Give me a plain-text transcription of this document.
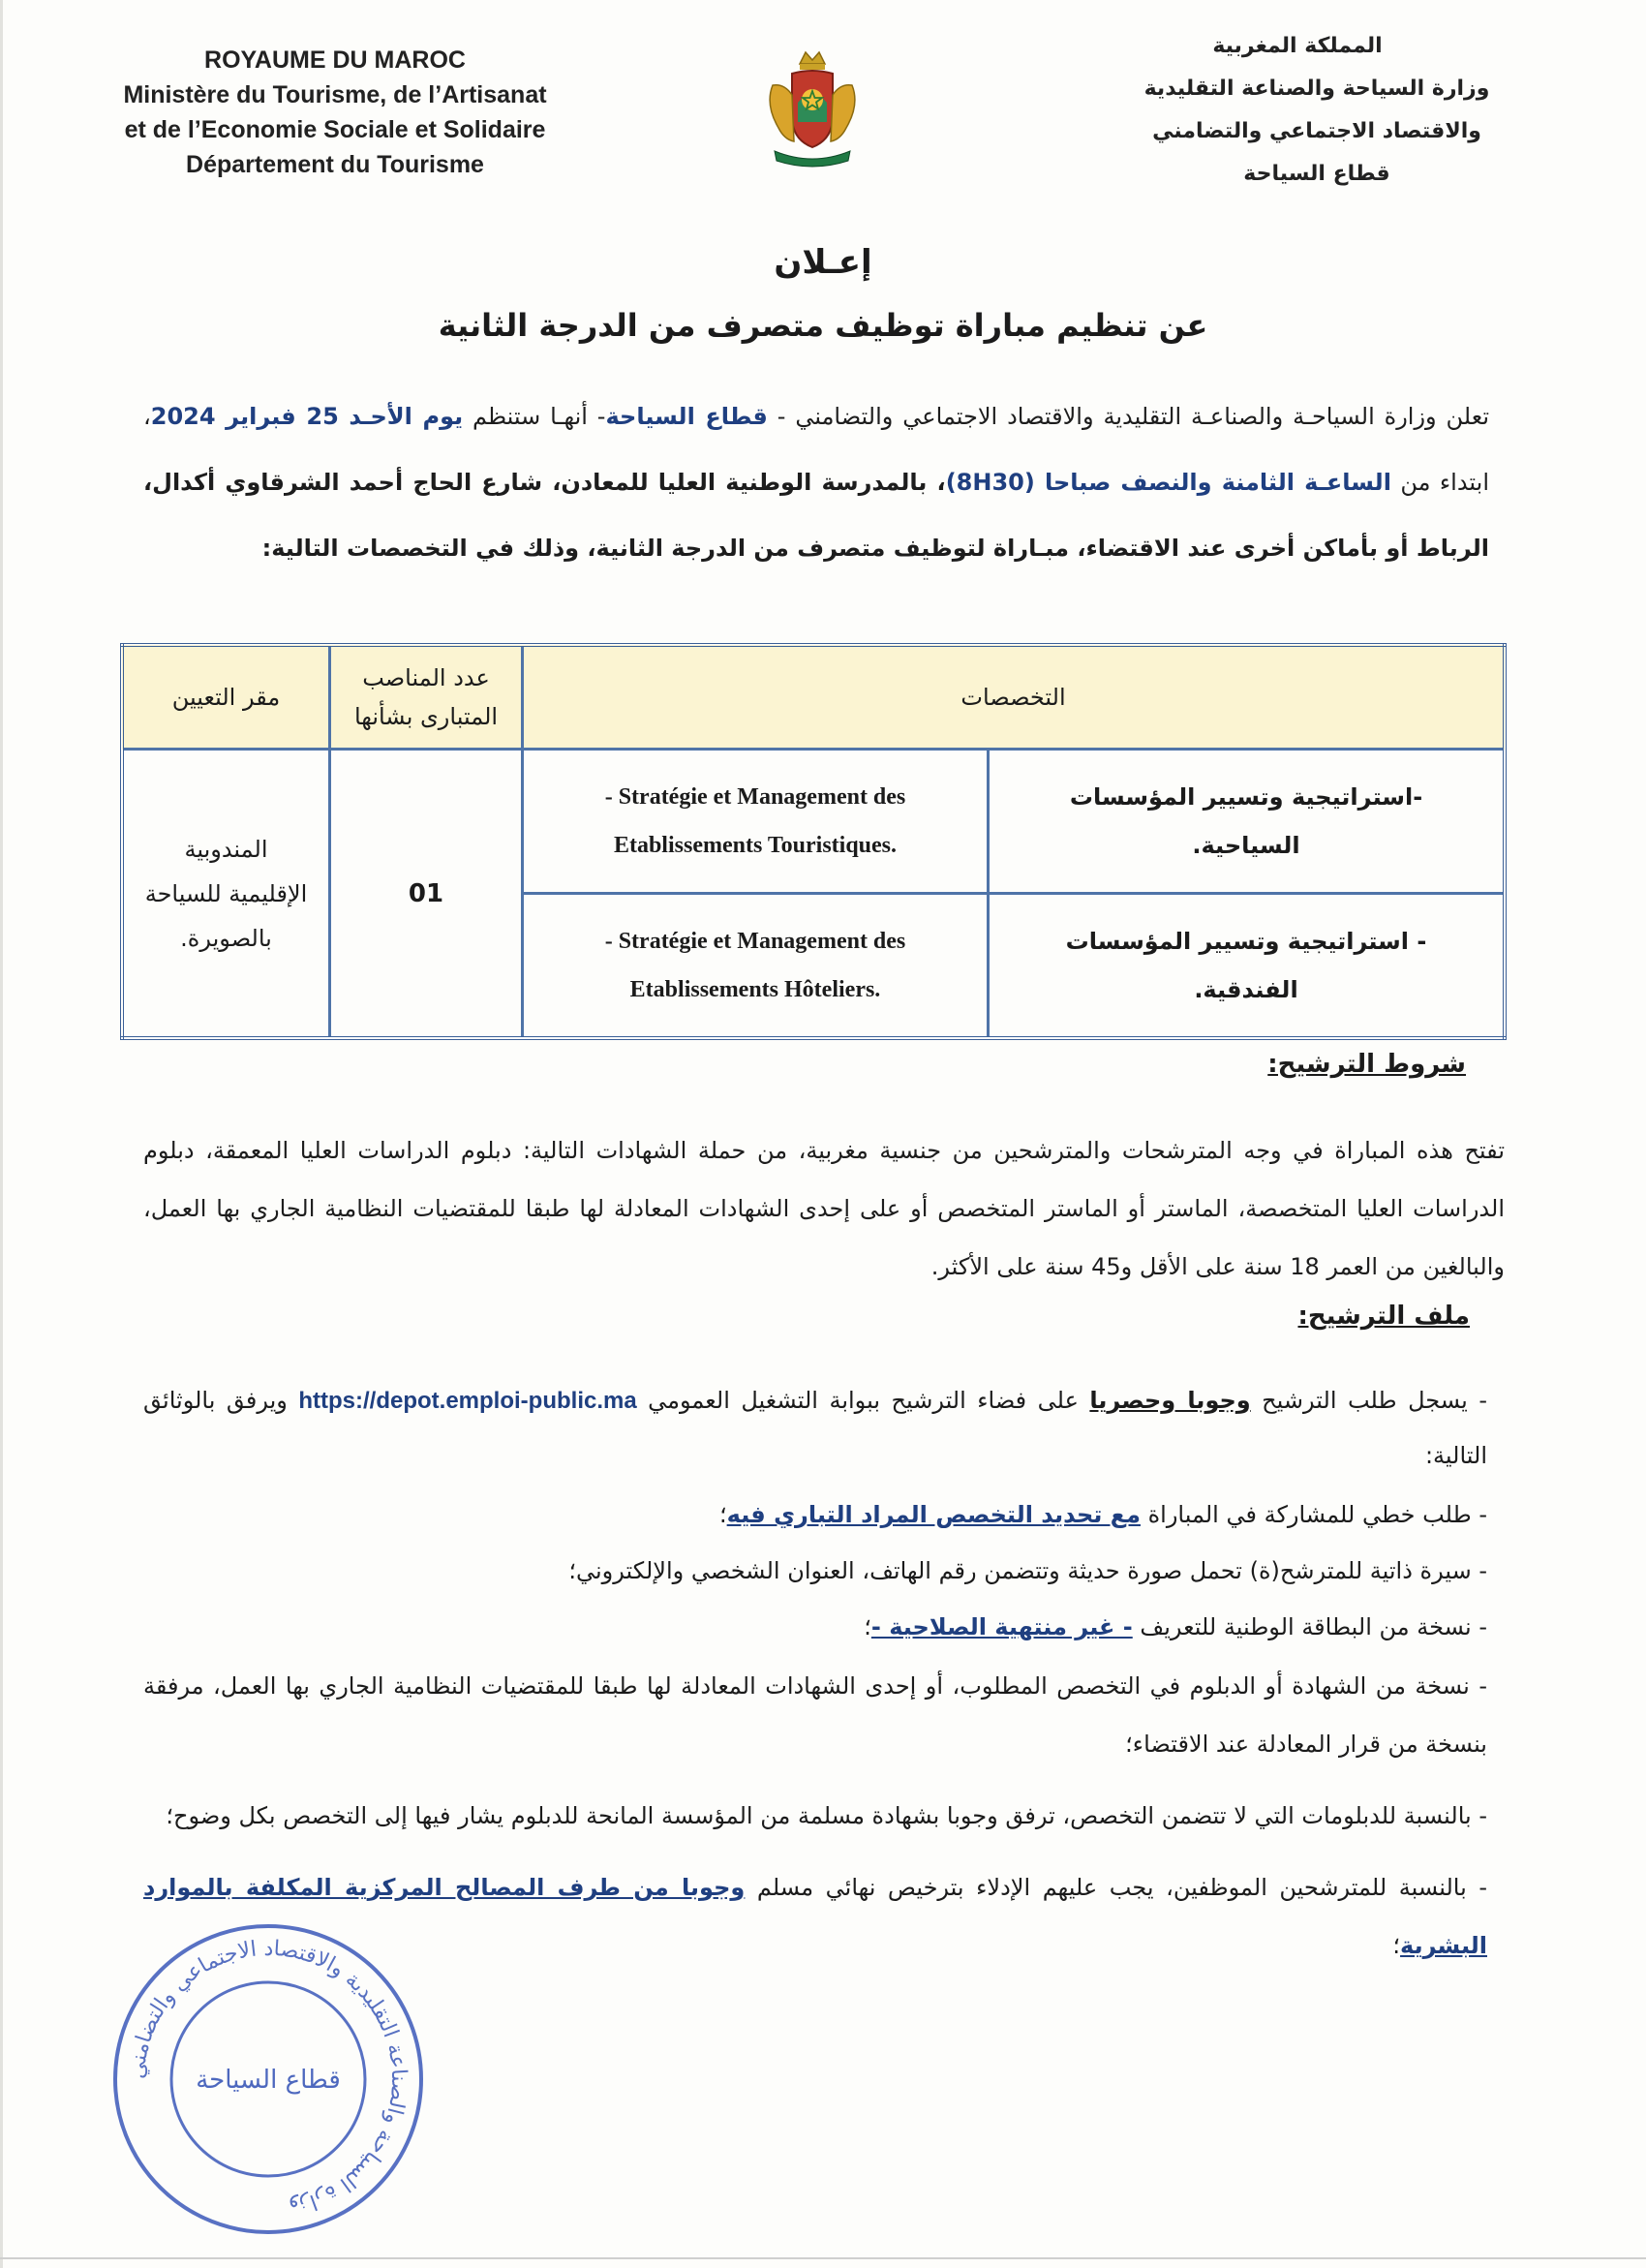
ROYAUME DU MAROC
Ministère du Tourisme, de l’Artisanat
et de l’Economie Sociale et Solidaire
Département du Tourisme
المملكة المغربية
وزارة السياحة والصناعة التقليدية
والاقتصاد الاجتماعي والتضامني
قطاع السياحة
إعـلان
عن تنظيم مباراة توظيف متصرف من الدرجة الثانية
تعلن وزارة السياحـة والصناعـة التقليدية والاقتصاد الاجتماعي والتضامني - قطاع السياحة- أنهـا ستنظم يوم الأحـد 25 فبراير 2024، ابتداء من الساعـة الثامنة والنصف صباحا (8H30)، بالمدرسة الوطنية العليا للمعادن، شارع الحاج أحمد الشرقاوي أكدال، الرباط أو بأماكن أخرى عند الاقتضاء، مبـاراة لتوظيف متصرف من الدرجة الثانية، وذلك في التخصصات التالية:
التخصصات		عدد المناصب المتبارى بشأنها	مقر التعيين
-استراتيجية وتسيير المؤسسات السياحية.	- Stratégie et Management des Etablissements Touristiques.	01	المندوبية الإقليمية للسياحة بالصويرة.
- استراتيجية وتسيير المؤسسات الفندقية.	- Stratégie et Management des Etablissements Hôteliers.		
شروط الترشيح:
تفتح هذه المباراة في وجه المترشحات والمترشحين من جنسية مغربية، من حملة الشهادات التالية: دبلوم الدراسات العليا المعمقة، دبلوم الدراسات العليا المتخصصة، الماستر أو الماستر المتخصص أو على إحدى الشهادات المعادلة لها طبقا للمقتضيات النظامية الجاري بها العمل، والبالغين من العمر 18 سنة على الأقل و45 سنة على الأكثر.
ملف الترشيح:
- يسجل طلب الترشيح وجوبا وحصريا على فضاء الترشيح ببوابة التشغيل العمومي https://depot.emploi-public.ma ويرفق بالوثائق التالية:
- طلب خطي للمشاركة في المباراة مع تحديد التخصص المراد التباري فيه؛
- سيرة ذاتية للمترشح(ة) تحمل صورة حديثة وتتضمن رقم الهاتف، العنوان الشخصي والإلكتروني؛
- نسخة من البطاقة الوطنية للتعريف - غير منتهية الصلاحية -؛
- نسخة من الشهادة أو الدبلوم في التخصص المطلوب، أو إحدى الشهادات المعادلة لها طبقا للمقتضيات النظامية الجاري بها العمل، مرفقة بنسخة من قرار المعادلة عند الاقتضاء؛
- بالنسبة للدبلومات التي لا تتضمن التخصص، ترفق وجوبا بشهادة مسلمة من المؤسسة المانحة للدبلوم يشار فيها إلى التخصص بكل وضوح؛
- بالنسبة للمترشحين الموظفين، يجب عليهم الإدلاء بترخيص نهائي مسلم وجوبا من طرف المصالح المركزية المكلفة بالموارد البشرية؛
وزارة السياحة والصناعة التقليدية والاقتصاد الاجتماعي والتضامني
قطاع السياحة
